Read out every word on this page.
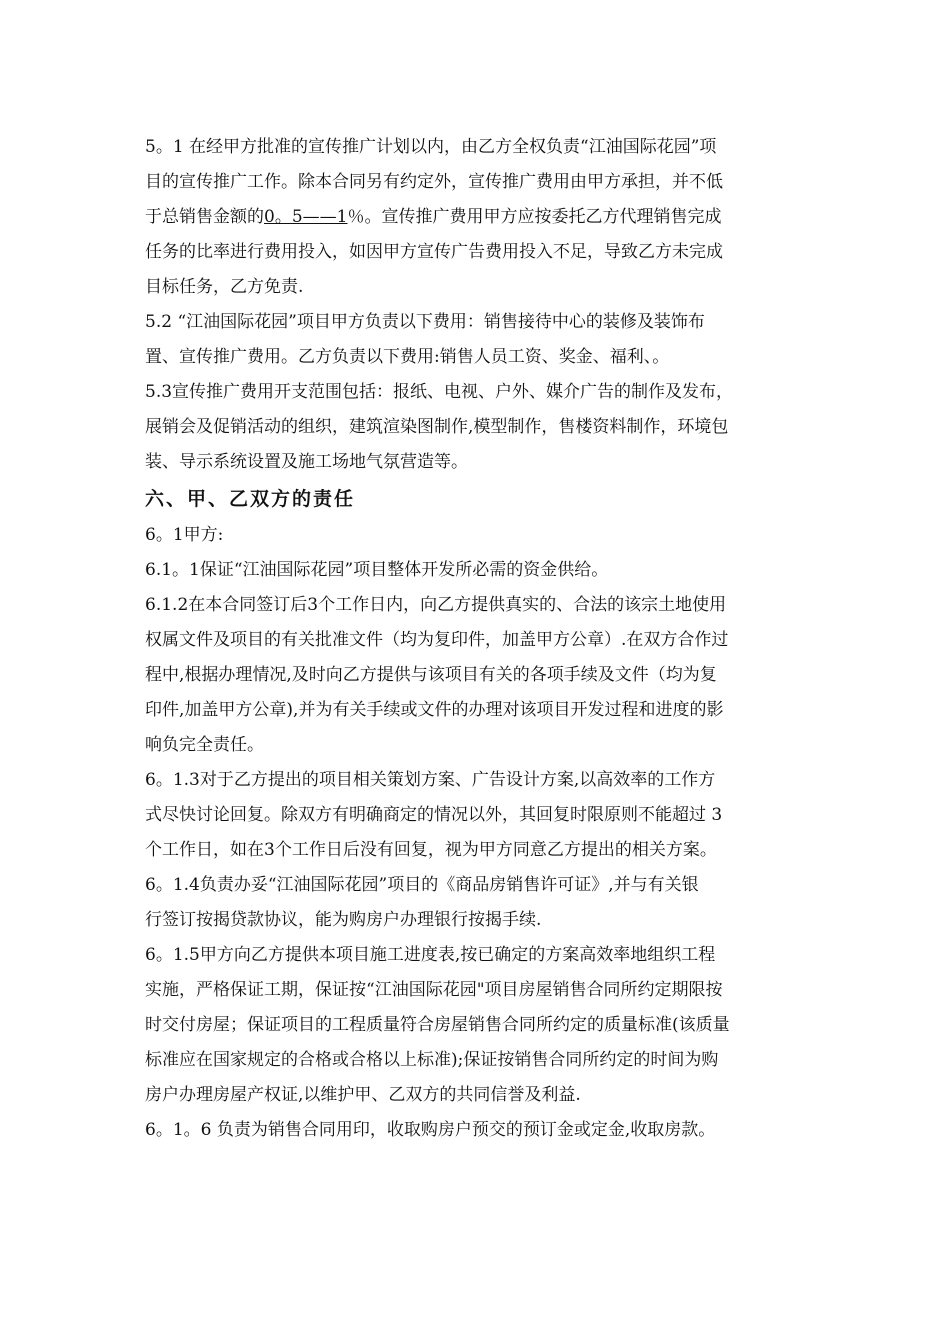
5。1 在经甲方批准的宣传推广计划以内，由乙方全权负责“江油国际花园”项
目的宣传推广工作。除本合同另有约定外，宣传推广费用由甲方承担，并不低
于总销售金额的0。5——1％。宣传推广费用甲方应按委托乙方代理销售完成
任务的比率进行费用投入，如因甲方宣传广告费用投入不足，导致乙方未完成
目标任务，乙方免责.
5.2 “江油国际花园”项目甲方负责以下费用：销售接待中心的装修及装饰布
置、宣传推广费用。乙方负责以下费用:销售人员工资、奖金、福利、。
5.3宣传推广费用开支范围包括：报纸、电视、户外、媒介广告的制作及发布，
展销会及促销活动的组织，建筑渲染图制作,模型制作，售楼资料制作，环境包
装、导示系统设置及施工场地气氛营造等。
六、甲、乙双方的责任
6。1甲方:
6.1。1保证“江油国际花园”项目整体开发所必需的资金供给。
6.1.2在本合同签订后3个工作日内，向乙方提供真实的、合法的该宗土地使用
权属文件及项目的有关批准文件（均为复印件，加盖甲方公章）.在双方合作过
程中,根据办理情况,及时向乙方提供与该项目有关的各项手续及文件（均为复
印件,加盖甲方公章),并为有关手续或文件的办理对该项目开发过程和进度的影
响负完全责任。
6。1.3对于乙方提出的项目相关策划方案、广告设计方案,以高效率的工作方
式尽快讨论回复。除双方有明确商定的情况以外，其回复时限原则不能超过 3
个工作日，如在3个工作日后没有回复，视为甲方同意乙方提出的相关方案。
6。1.4负责办妥“江油国际花园”项目的《商品房销售许可证》,并与有关银
行签订按揭贷款协议，能为购房户办理银行按揭手续.
6。1.5甲方向乙方提供本项目施工进度表,按已确定的方案高效率地组织工程
实施，严格保证工期，保证按“江油国际花园"项目房屋销售合同所约定期限按
时交付房屋；保证项目的工程质量符合房屋销售合同所约定的质量标准(该质量
标准应在国家规定的合格或合格以上标准);保证按销售合同所约定的时间为购
房户办理房屋产权证,以维护甲、乙双方的共同信誉及利益.
6。1。6 负责为销售合同用印，收取购房户预交的预订金或定金,收取房款。
